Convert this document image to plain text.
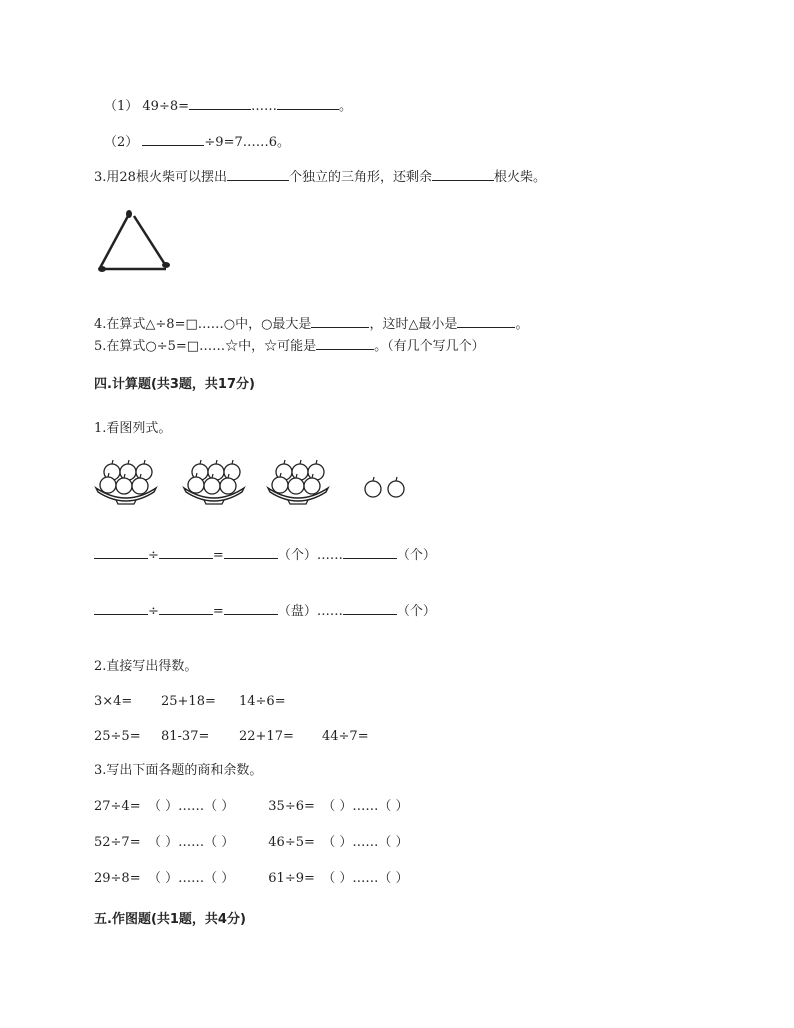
（1） 49÷8=	……	。
（2）	÷9=7……6。
3.用28根火柴可以摆出	个独立的三角形，还剩余	根火柴。
4.在算式△÷8=□……○中，○最大是	，这时△最小是	。
5.在算式○÷5=□……☆中，☆可能是	。（有几个写几个）
四.计算题(共3题，共17分)
1.看图列式。
÷	=	（个）……	（个）
÷	=	（盘）……	（个）
2.直接写出得数。
3×4= 25+18= 14÷6=
25÷5= 81-37= 22+17= 44÷7=
3.写出下面各题的商和余数。
27÷4= （ ）……（ ）	35÷6= （ ）……（ ）
52÷7= （ ）……（ ）	46÷5= （ ）……（ ）
29÷8= （ ）……（ ）	61÷9= （ ）……（ ）
五.作图题(共1题，共4分)
